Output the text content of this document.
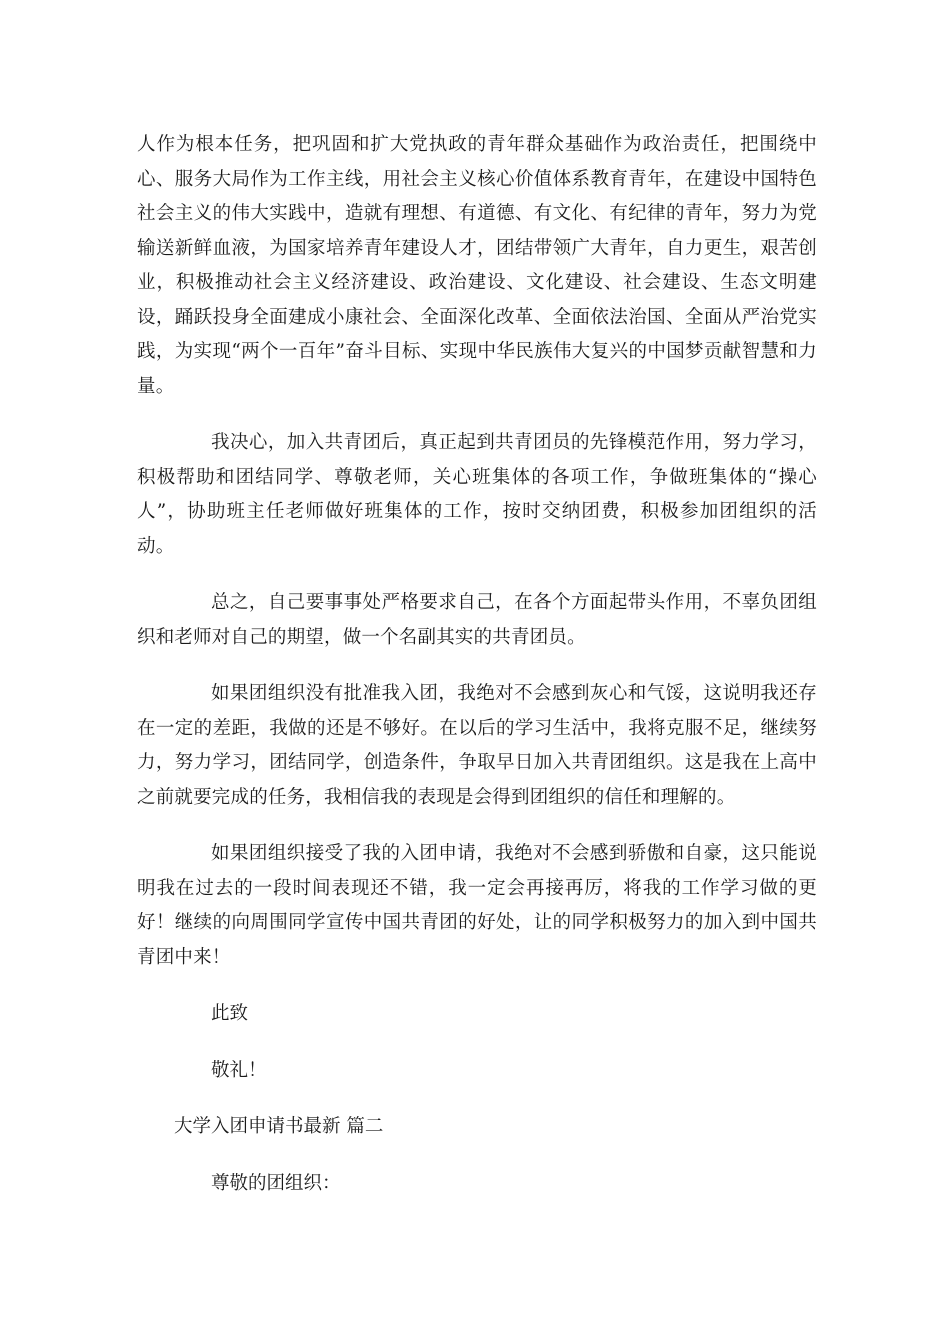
人作为根本任务，把巩固和扩大党执政的青年群众基础作为政治责任，把围绕中心、服务大局作为工作主线，用社会主义核心价值体系教育青年，在建设中国特色社会主义的伟大实践中，造就有理想、有道德、有文化、有纪律的青年，努力为党输送新鲜血液，为国家培养青年建设人才，团结带领广大青年，自力更生，艰苦创业，积极推动社会主义经济建设、政治建设、文化建设、社会建设、生态文明建设，踊跃投身全面建成小康社会、全面深化改革、全面依法治国、全面从严治党实践，为实现“两个一百年”奋斗目标、实现中华民族伟大复兴的中国梦贡献智慧和力量。

我决心，加入共青团后，真正起到共青团员的先锋模范作用，努力学习，积极帮助和团结同学、尊敬老师，关心班集体的各项工作，争做班集体的“操心人”，协助班主任老师做好班集体的工作，按时交纳团费，积极参加团组织的活动。

总之，自己要事事处严格要求自己，在各个方面起带头作用，不辜负团组织和老师对自己的期望，做一个名副其实的共青团员。

如果团组织没有批准我入团，我绝对不会感到灰心和气馁，这说明我还存在一定的差距，我做的还是不够好。在以后的学习生活中，我将克服不足，继续努力，努力学习，团结同学，创造条件，争取早日加入共青团组织。这是我在上高中之前就要完成的任务，我相信我的表现是会得到团组织的信任和理解的。

如果团组织接受了我的入团申请，我绝对不会感到骄傲和自豪，这只能说明我在过去的一段时间表现还不错，我一定会再接再厉，将我的工作学习做的更好！继续的向周围同学宣传中国共青团的好处，让的同学积极努力的加入到中国共青团中来！

此致

敬礼！

大学入团申请书最新 篇二

尊敬的团组织：
